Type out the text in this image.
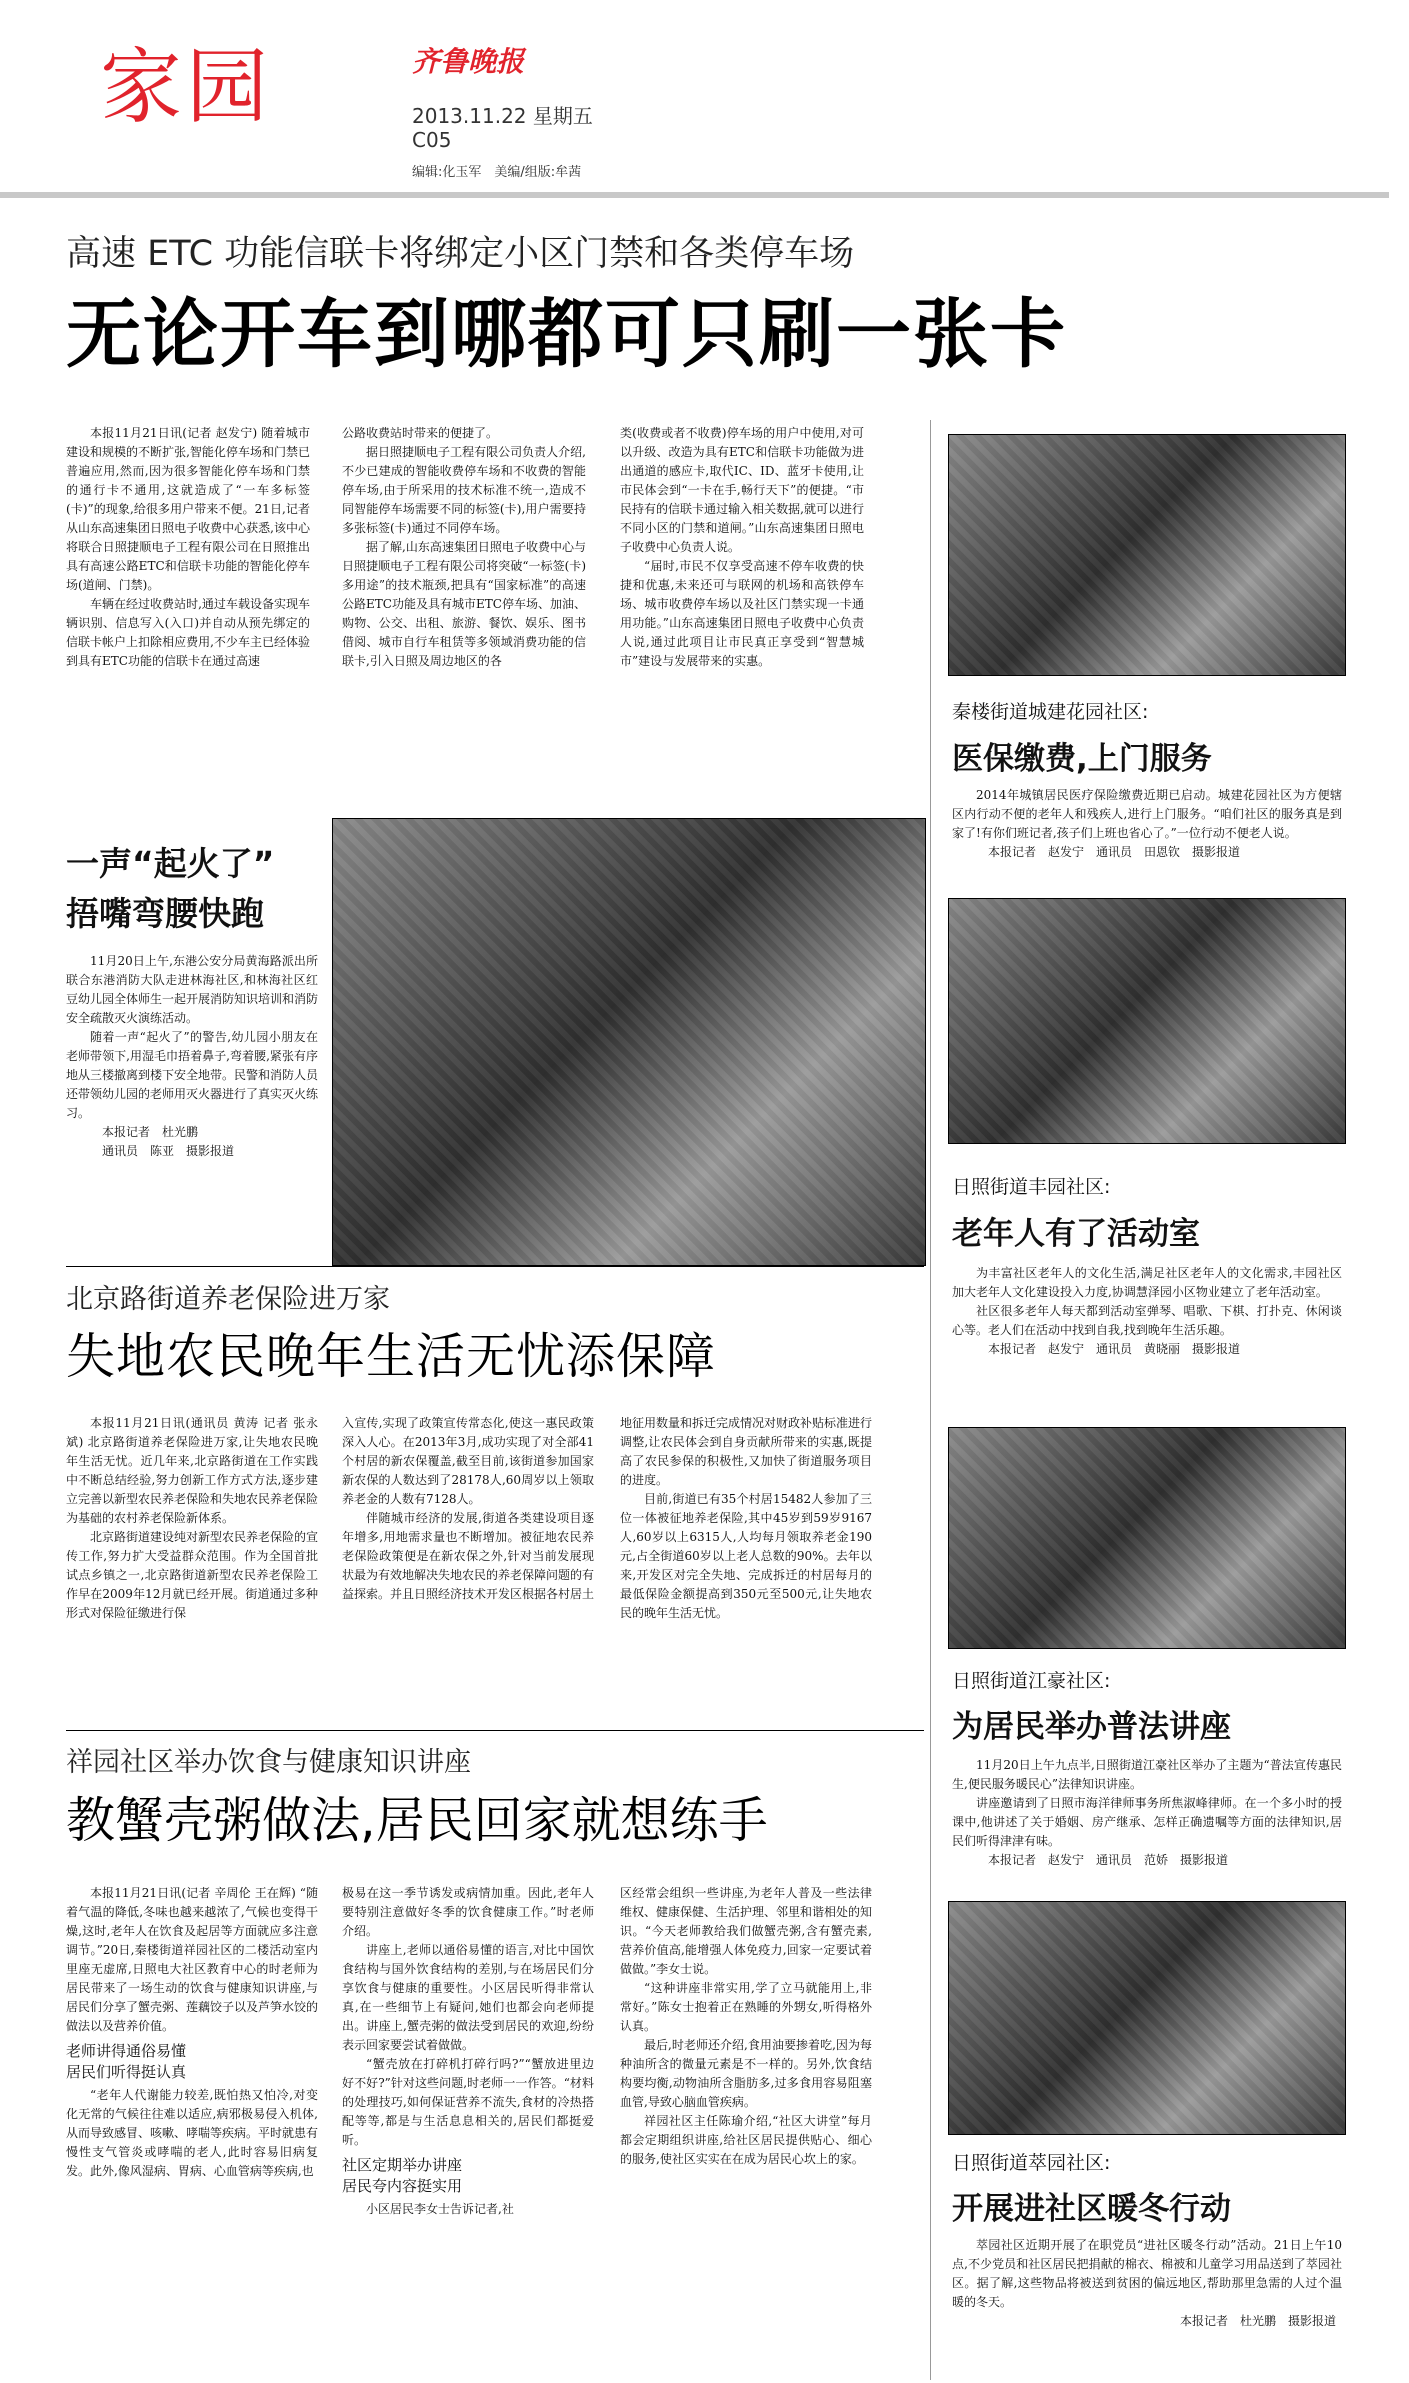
家园	齐鲁晚报
2013.11.22 星期五
C05
编辑:化玉军　美编/组版:牟茜
高速 ETC 功能信联卡将绑定小区门禁和各类停车场
无论开车到哪都可只刷一张卡

本报11月21日讯(记者 赵发宁) 随着城市建设和规模的不断扩张,智能化停车场和门禁已普遍应用,然而,因为很多智能化停车场和门禁的通行卡不通用,这就造成了“一车多标签(卡)”的现象,给很多用户带来不便。21日,记者从山东高速集团日照电子收费中心获悉,该中心将联合日照捷顺电子工程有限公司在日照推出具有高速公路ETC和信联卡功能的智能化停车场(道闸、门禁)。

车辆在经过收费站时,通过车载设备实现车辆识别、信息写入(入口)并自动从预先绑定的信联卡帐户上扣除相应费用,不少车主已经体验到具有ETC功能的信联卡在通过高速

公路收费站时带来的便捷了。

据日照捷顺电子工程有限公司负责人介绍,不少已建成的智能收费停车场和不收费的智能停车场,由于所采用的技术标准不统一,造成不同智能停车场需要不同的标签(卡),用户需要持多张标签(卡)通过不同停车场。

据了解,山东高速集团日照电子收费中心与日照捷顺电子工程有限公司将突破“一标签(卡)多用途”的技术瓶颈,把具有“国家标准”的高速公路ETC功能及具有城市ETC停车场、加油、购物、公交、出租、旅游、餐饮、娱乐、图书借阅、城市自行车租赁等多领域消费功能的信联卡,引入日照及周边地区的各

类(收费或者不收费)停车场的用户中使用,对可以升级、改造为具有ETC和信联卡功能做为进出通道的感应卡,取代IC、ID、蓝牙卡使用,让市民体会到“一卡在手,畅行天下”的便捷。“市民持有的信联卡通过输入相关数据,就可以进行不同小区的门禁和道闸。”山东高速集团日照电子收费中心负责人说。

“届时,市民不仅享受高速不停车收费的快捷和优惠,未来还可与联网的机场和高铁停车场、城市收费停车场以及社区门禁实现一卡通用功能。”山东高速集团日照电子收费中心负责人说,通过此项目让市民真正享受到“智慧城市”建设与发展带来的实惠。

一声“起火了”
捂嘴弯腰快跑

11月20日上午,东港公安分局黄海路派出所联合东港消防大队走进林海社区,和林海社区红豆幼儿园全体师生一起开展消防知识培训和消防安全疏散灭火演练活动。

随着一声“起火了”的警告,幼儿园小朋友在老师带领下,用湿毛巾捂着鼻子,弯着腰,紧张有序地从三楼撤离到楼下安全地带。民警和消防人员还带领幼儿园的老师用灭火器进行了真实灭火练习。

本报记者　杜光鹏

通讯员　陈亚　摄影报道

北京路街道养老保险进万家
失地农民晚年生活无忧添保障

本报11月21日讯(通讯员 黄涛 记者 张永斌) 北京路街道养老保险进万家,让失地农民晚年生活无忧。近几年来,北京路街道在工作实践中不断总结经验,努力创新工作方式方法,逐步建立完善以新型农民养老保险和失地农民养老保险为基础的农村养老保险新体系。

北京路街道建设纯对新型农民养老保险的宣传工作,努力扩大受益群众范围。作为全国首批试点乡镇之一,北京路街道新型农民养老保险工作早在2009年12月就已经开展。街道通过多种形式对保险征缴进行保

入宣传,实现了政策宣传常态化,使这一惠民政策深入人心。在2013年3月,成功实现了对全部41个村居的新农保覆盖,截至目前,该街道参加国家新农保的人数达到了28178人,60周岁以上领取养老金的人数有7128人。

伴随城市经济的发展,街道各类建设项目逐年增多,用地需求量也不断增加。被征地农民养老保险政策便是在新农保之外,针对当前发展现状最为有效地解决失地农民的养老保障问题的有益探索。并且日照经济技术开发区根据各村居土

地征用数量和拆迁完成情况对财政补贴标准进行调整,让农民体会到自身贡献所带来的实惠,既提高了农民参保的积极性,又加快了街道服务项目的进度。

目前,街道已有35个村居15482人参加了三位一体被征地养老保险,其中45岁到59岁9167人,60岁以上6315人,人均每月领取养老金190元,占全街道60岁以上老人总数的90%。去年以来,开发区对完全失地、完成拆迁的村居每月的最低保险金额提高到350元至500元,让失地农民的晚年生活无忧。

祥园社区举办饮食与健康知识讲座
教蟹壳粥做法,居民回家就想练手

本报11月21日讯(记者 辛周伦 王在辉) “随着气温的降低,冬味也越来越浓了,气候也变得干燥,这时,老年人在饮食及起居等方面就应多注意调节。”20日,秦楼街道祥园社区的二楼活动室内里座无虚席,日照电大社区教育中心的时老师为居民带来了一场生动的饮食与健康知识讲座,与居民们分享了蟹壳粥、莲藕饺子以及芦笋水饺的做法以及营养价值。

老师讲得通俗易懂

居民们听得挺认真

“老年人代谢能力较差,既怕热又怕冷,对变化无常的气候往往难以适应,病邪极易侵入机体,从而导致感冒、咳嗽、哮喘等疾病。平时就患有慢性支气管炎或哮喘的老人,此时容易旧病复发。此外,像风湿病、胃病、心血管病等疾病,也

极易在这一季节诱发或病情加重。因此,老年人要特别注意做好冬季的饮食健康工作。”时老师介绍。

讲座上,老师以通俗易懂的语言,对比中国饮食结构与国外饮食结构的差别,与在场居民们分享饮食与健康的重要性。小区居民听得非常认真,在一些细节上有疑问,她们也都会向老师提出。讲座上,蟹壳粥的做法受到居民的欢迎,纷纷表示回家要尝试着做做。

“蟹壳放在打碎机打碎行吗?”“蟹放进里边好不好?”针对这些问题,时老师一一作答。“材料的处理技巧,如何保证营养不流失,食材的冷热搭配等等,都是与生活息息相关的,居民们都挺爱听。

社区定期举办讲座

居民夸内容挺实用

小区居民李女士告诉记者,社

区经常会组织一些讲座,为老年人普及一些法律维权、健康保健、生活护理、邻里和谐相处的知识。“今天老师教给我们做蟹壳粥,含有蟹壳素,营养价值高,能增强人体免疫力,回家一定要试着做做。”李女士说。

“这种讲座非常实用,学了立马就能用上,非常好。”陈女士抱着正在熟睡的外甥女,听得格外认真。

最后,时老师还介绍,食用油要掺着吃,因为每种油所含的微量元素是不一样的。另外,饮食结构要均衡,动物油所含脂肪多,过多食用容易阻塞血管,导致心脑血管疾病。

祥园社区主任陈瑜介绍,“社区大讲堂”每月都会定期组织讲座,给社区居民提供贴心、细心的服务,使社区实实在在成为居民心坎上的家。

秦楼街道城建花园社区:
医保缴费,上门服务

2014年城镇居民医疗保险缴费近期已启动。城建花园社区为方便辖区内行动不便的老年人和残疾人,进行上门服务。“咱们社区的服务真是到家了!有你们班记者,孩子们上班也省心了。”一位行动不便老人说。

本报记者　赵发宁　通讯员　田恩钦　摄影报道

日照街道丰园社区:
老年人有了活动室

为丰富社区老年人的文化生活,满足社区老年人的文化需求,丰园社区加大老年人文化建设投入力度,协调慧泽园小区物业建立了老年活动室。

社区很多老年人每天都到活动室弹琴、唱歌、下棋、打扑克、休闲谈心等。老人们在活动中找到自我,找到晚年生活乐趣。

本报记者　赵发宁　通讯员　黄晓丽　摄影报道

日照街道江豪社区:
为居民举办普法讲座

11月20日上午九点半,日照街道江豪社区举办了主题为“普法宣传惠民生,便民服务暖民心”法律知识讲座。

讲座邀请到了日照市海洋律师事务所焦淑峰律师。在一个多小时的授课中,他讲述了关于婚姻、房产继承、怎样正确遗嘱等方面的法律知识,居民们听得津津有味。

本报记者　赵发宁　通讯员　范娇　摄影报道

日照街道萃园社区:
开展进社区暖冬行动

萃园社区近期开展了在职党员“进社区暖冬行动”活动。21日上午10点,不少党员和社区居民把捐献的棉衣、棉被和儿童学习用品送到了萃园社区。据了解,这些物品将被送到贫困的偏远地区,帮助那里急需的人过个温暖的冬天。

本报记者　杜光鹏　摄影报道
